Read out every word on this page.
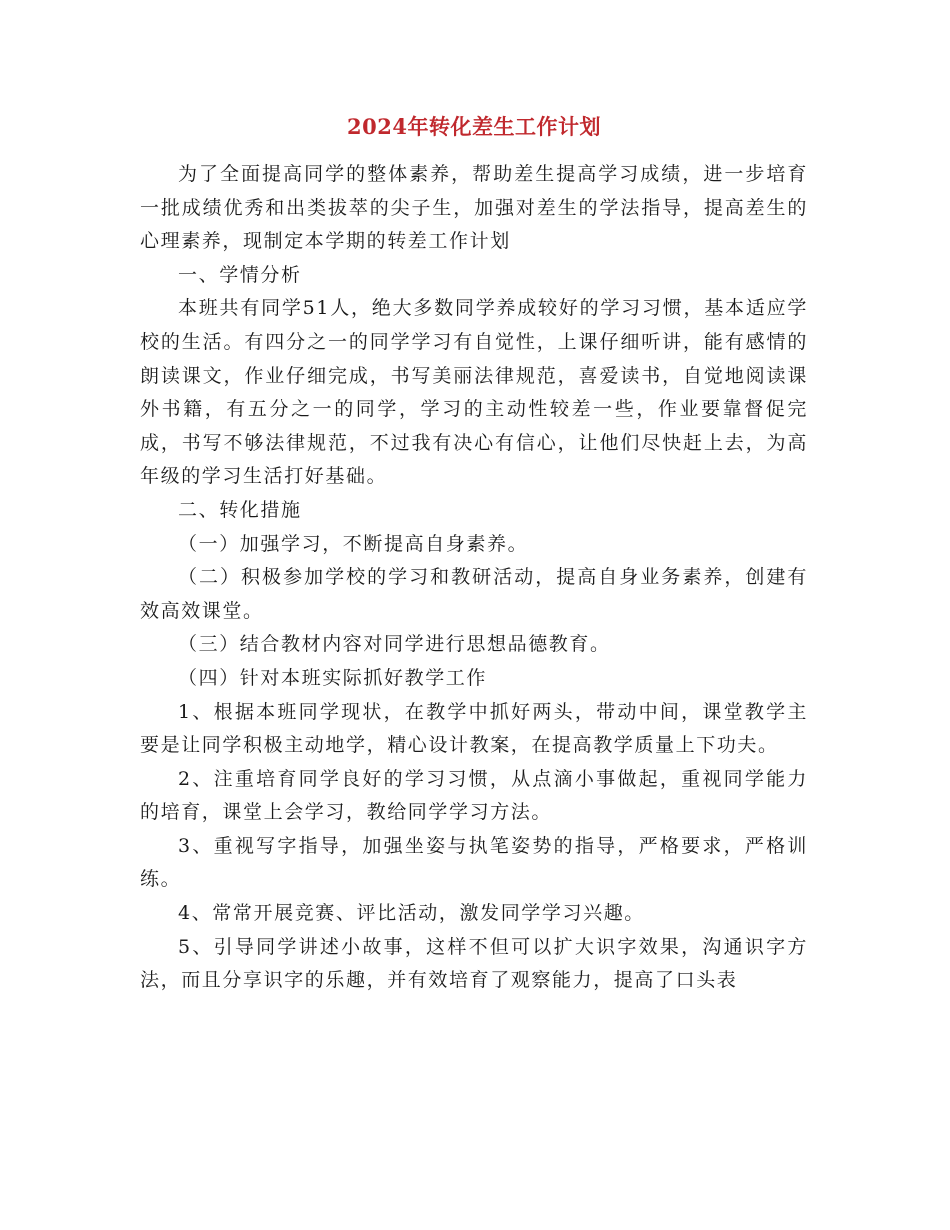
2024年转化差生工作计划

为了全面提高同学的整体素养，帮助差生提高学习成绩，进一步培育一批成绩优秀和出类拔萃的尖子生，加强对差生的学法指导，提高差生的心理素养，现制定本学期的转差工作计划

一、学情分析

本班共有同学51人，绝大多数同学养成较好的学习习惯，基本适应学校的生活。有四分之一的同学学习有自觉性，上课仔细听讲，能有感情的朗读课文，作业仔细完成，书写美丽法律规范，喜爱读书，自觉地阅读课外书籍，有五分之一的同学，学习的主动性较差一些，作业要靠督促完成，书写不够法律规范，不过我有决心有信心，让他们尽快赶上去，为高年级的学习生活打好基础。

二、转化措施

（一）加强学习，不断提高自身素养。

（二）积极参加学校的学习和教研活动，提高自身业务素养，创建有效高效课堂。

（三）结合教材内容对同学进行思想品德教育。

（四）针对本班实际抓好教学工作

1、根据本班同学现状，在教学中抓好两头，带动中间，课堂教学主要是让同学积极主动地学，精心设计教案，在提高教学质量上下功夫。

2、注重培育同学良好的学习习惯，从点滴小事做起，重视同学能力的培育，课堂上会学习，教给同学学习方法。

3、重视写字指导，加强坐姿与执笔姿势的指导，严格要求，严格训练。

4、常常开展竞赛、评比活动，激发同学学习兴趣。

5、引导同学讲述小故事，这样不但可以扩大识字效果，沟通识字方法，而且分享识字的乐趣，并有效培育了观察能力，提高了口头表
